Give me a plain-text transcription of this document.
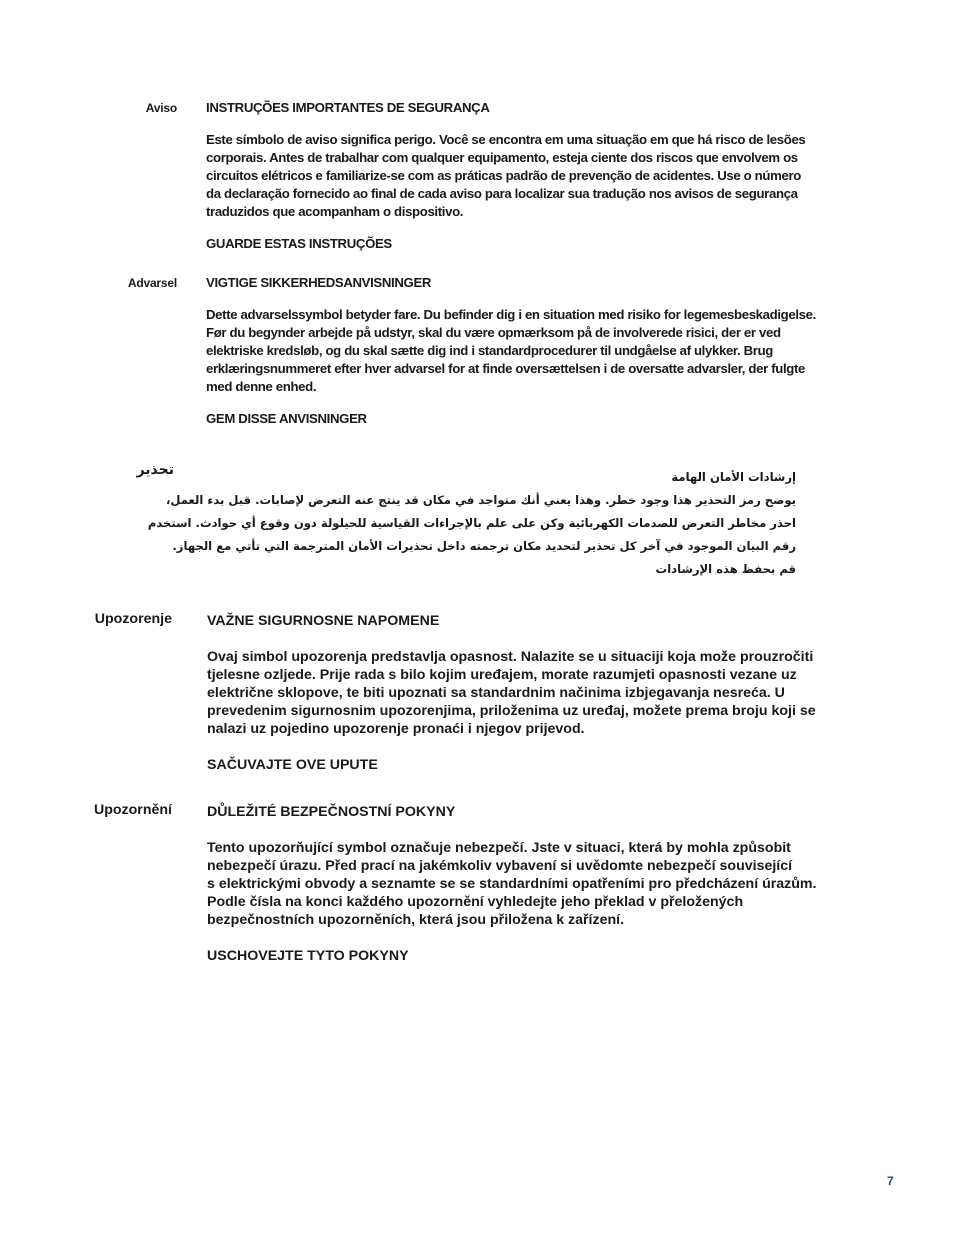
Aviso INSTRUÇÕES IMPORTANTES DE SEGURANÇA
Este símbolo de aviso significa perigo. Você se encontra em uma situação em que há risco de lesões
corporais. Antes de trabalhar com qualquer equipamento, esteja ciente dos riscos que envolvem os
circuitos elétricos e familiarize-se com as práticas padrão de prevenção de acidentes. Use o número
da declaração fornecido ao final de cada aviso para localizar sua tradução nos avisos de segurança
traduzidos que acompanham o dispositivo.
GUARDE ESTAS INSTRUÇÕES
Advarsel VIGTIGE SIKKERHEDSANVISNINGER
Dette advarselssymbol betyder fare. Du befinder dig i en situation med risiko for legemesbeskadigelse.
Før du begynder arbejde på udstyr, skal du være opmærksom på de involverede risici, der er ved
elektriske kredsløb, og du skal sætte dig ind i standardprocedurer til undgåelse af ulykker. Brug
erklæringsnummeret efter hver advarsel for at finde oversættelsen i de oversatte advarsler, der fulgte
med denne enhed.
GEM DISSE ANVISNINGER
تحذير	إرشادات الأمان الهامة

يوضح رمز التحذير هذا وجود خطر. وهذا يعني أنك متواجد في مكان قد ينتج عنه التعرض لإصابات. قبل بدء العمل،

احذر مخاطر التعرض للصدمات الكهربائية وكن على علم بالإجراءات القياسية للحيلولة دون وقوع أي حوادث. استخدم

رقم البيان الموجود في آخر كل تحذير لتحديد مكان ترجمته داخل تحذيرات الأمان المترجمة التي تأتي مع الجهاز.

قم بحفظ هذه الإرشادات

Upozorenje VAŽNE SIGURNOSNE NAPOMENE
Ovaj simbol upozorenja predstavlja opasnost. Nalazite se u situaciji koja može prouzročiti
tjelesne ozljede. Prije rada s bilo kojim uređajem, morate razumjeti opasnosti vezane uz
električne sklopove, te biti upoznati sa standardnim načinima izbjegavanja nesreća. U
prevedenim sigurnosnim upozorenjima, priloženima uz uređaj, možete prema broju koji se
nalazi uz pojedino upozorenje pronaći i njegov prijevod.
SAČUVAJTE OVE UPUTE
Upozornění DŮLEŽITÉ BEZPEČNOSTNÍ POKYNY
Tento upozorňující symbol označuje nebezpečí. Jste v situaci, která by mohla způsobit
nebezpečí úrazu. Před prací na jakémkoliv vybavení si uvědomte nebezpečí související
s elektrickými obvody a seznamte se se standardními opatřeními pro předcházení úrazům.
Podle čísla na konci každého upozornění vyhledejte jeho překlad v přeložených
bezpečnostních upozorněních, která jsou přiložena k zařízení.
USCHOVEJTE TYTO POKYNY
7
